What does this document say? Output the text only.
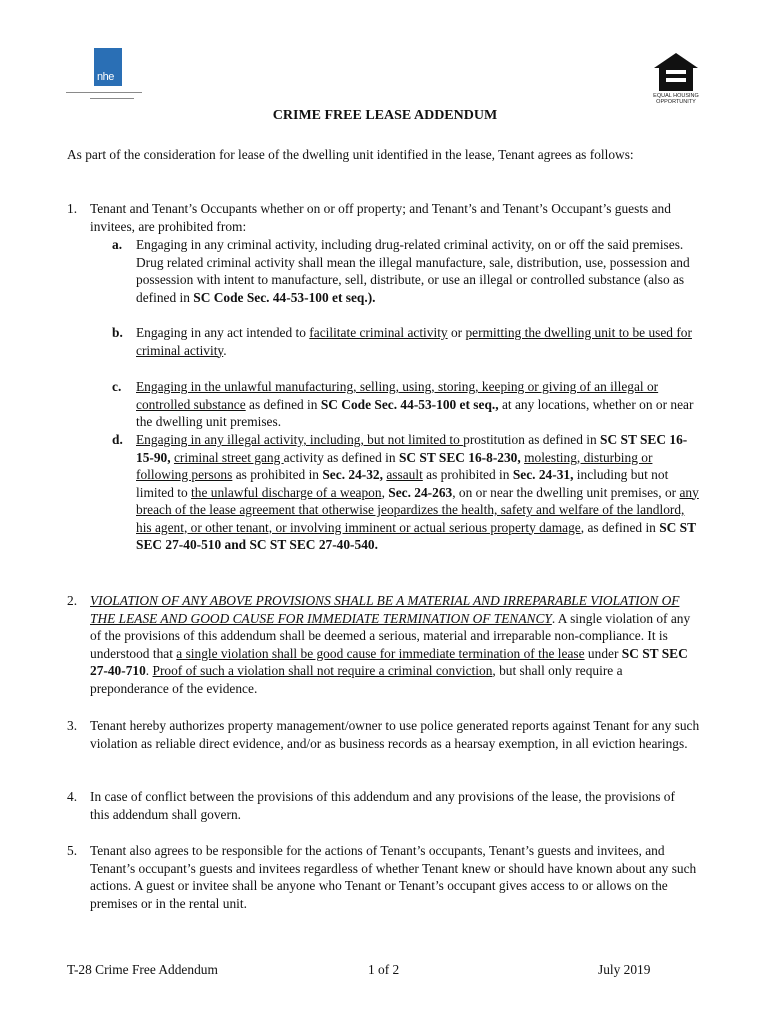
nhe
EQUAL HOUSING OPPORTUNITY
CRIME FREE LEASE ADDENDUM
As part of the consideration for lease of the dwelling unit identified in the lease, Tenant agrees as follows:
1. Tenant and Tenant’s Occupants whether on or off property; and Tenant’s and Tenant’s Occupant’s guests and invitees, are prohibited from:
a. Engaging in any criminal activity, including drug-related criminal activity, on or off the said premises. Drug related criminal activity shall mean the illegal manufacture, sale, distribution, use, possession and possession with intent to manufacture, sell, distribute, or use an illegal or controlled substance (also as defined in SC Code Sec. 44-53-100 et seq.).
b. Engaging in any act intended to facilitate criminal activity or permitting the dwelling unit to be used for criminal activity.
c. Engaging in the unlawful manufacturing, selling, using, storing, keeping or giving of an illegal or controlled substance as defined in SC Code Sec. 44-53-100 et seq., at any locations, whether on or near the dwelling unit premises.
d. Engaging in any illegal activity, including, but not limited to prostitution as defined in SC ST SEC 16-15-90, criminal street gang activity as defined in SC ST SEC 16-8-230, molesting, disturbing or following persons as prohibited in Sec. 24-32, assault as prohibited in Sec. 24-31, including but not limited to the unlawful discharge of a weapon, Sec. 24-263, on or near the dwelling unit premises, or any breach of the lease agreement that otherwise jeopardizes the health, safety and welfare of the landlord, his agent, or other tenant, or involving imminent or actual serious property damage, as defined in SC ST SEC 27-40-510 and SC ST SEC 27-40-540.
2. VIOLATION OF ANY ABOVE PROVISIONS SHALL BE A MATERIAL AND IRREPARABLE VIOLATION OF THE LEASE AND GOOD CAUSE FOR IMMEDIATE TERMINATION OF TENANCY. A single violation of any of the provisions of this addendum shall be deemed a serious, material and irreparable non-compliance. It is understood that a single violation shall be good cause for immediate termination of the lease under SC ST SEC 27-40-710. Proof of such a violation shall not require a criminal conviction, but shall only require a preponderance of the evidence.
3. Tenant hereby authorizes property management/owner to use police generated reports against Tenant for any such violation as reliable direct evidence, and/or as business records as a hearsay exemption, in all eviction hearings.
4. In case of conflict between the provisions of this addendum and any provisions of the lease, the provisions of this addendum shall govern.
5. Tenant also agrees to be responsible for the actions of Tenant’s occupants, Tenant’s guests and invitees, and Tenant’s occupant’s guests and invitees regardless of whether Tenant knew or should have known about any such actions. A guest or invitee shall be anyone who Tenant or Tenant’s occupant gives access to or allows on the premises or in the rental unit.
T-28 Crime Free Addendum	1 of 2	July 2019
